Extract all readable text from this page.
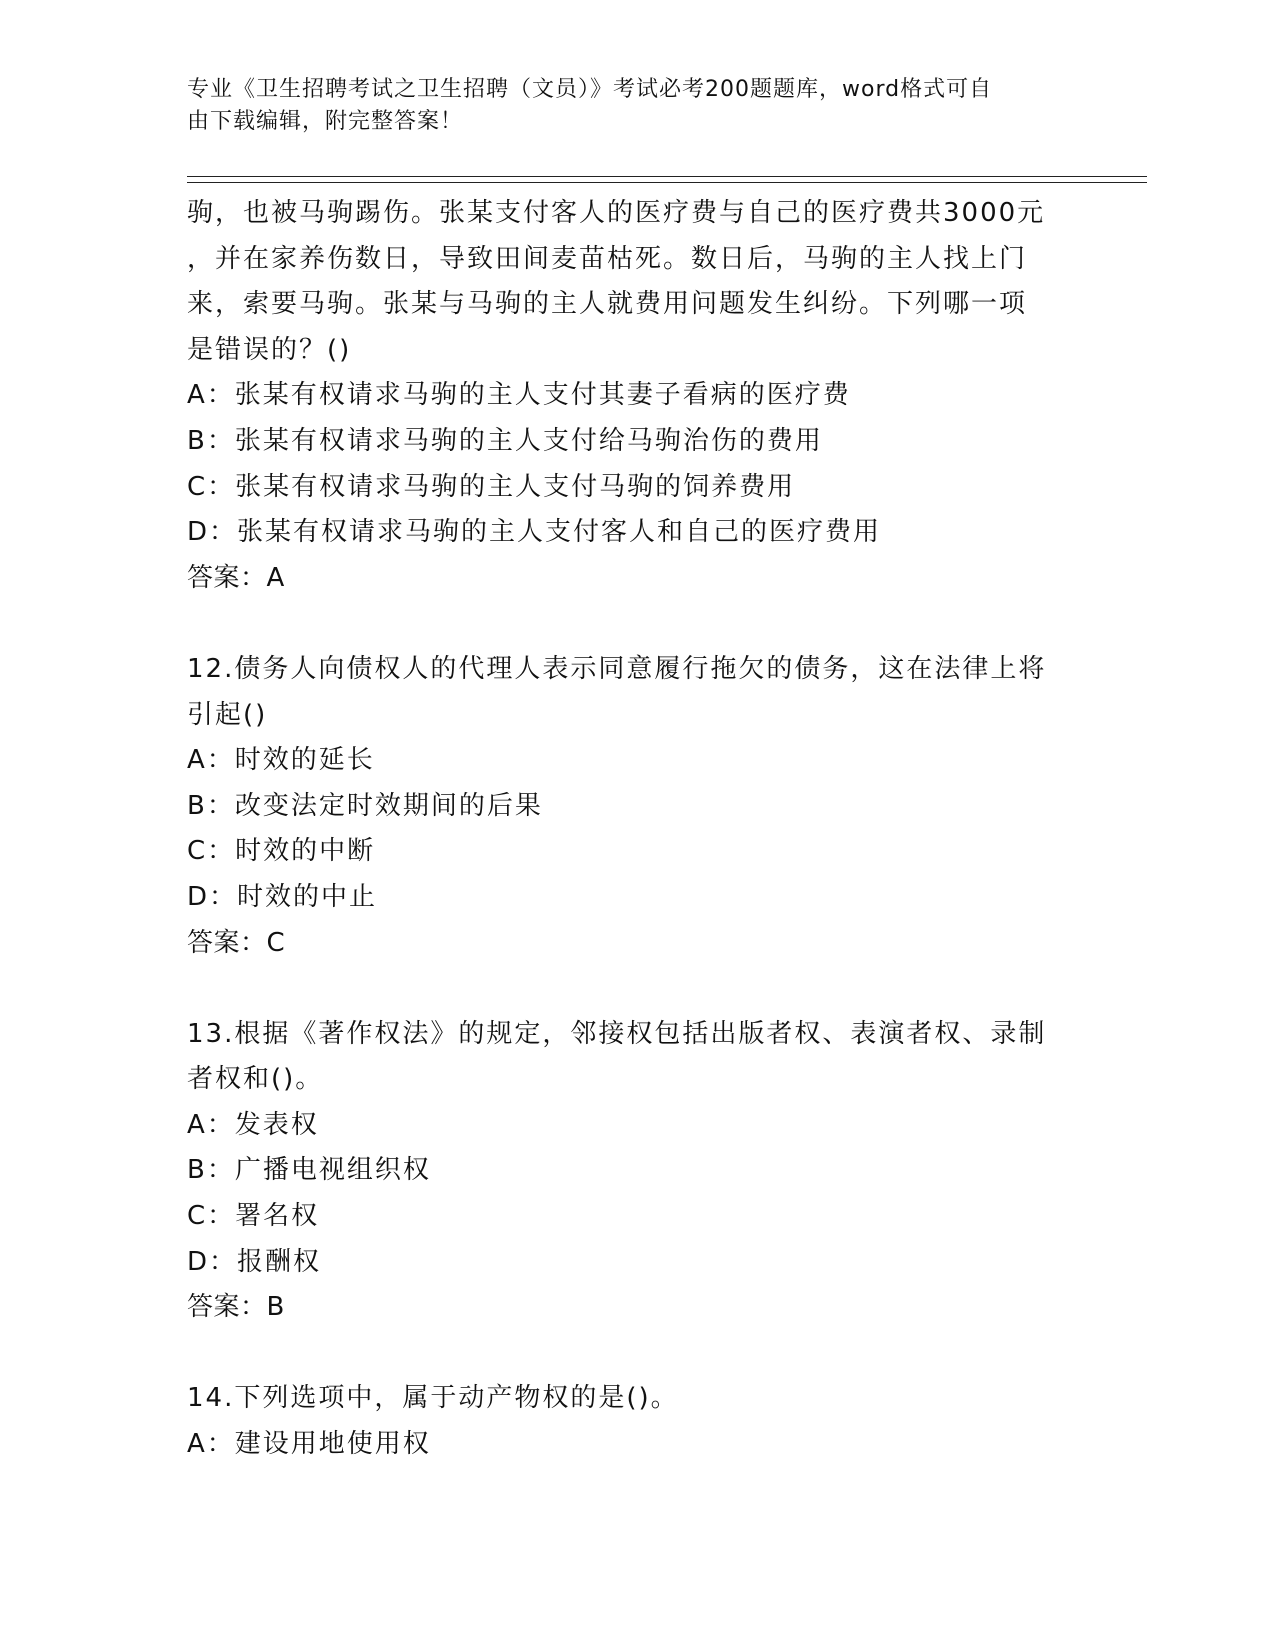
专业《卫生招聘考试之卫生招聘（文员）》考试必考200题题库，word格式可自
由下载编辑，附完整答案！
驹，也被马驹踢伤。张某支付客人的医疗费与自己的医疗费共3000元
，并在家养伤数日，导致田间麦苗枯死。数日后，马驹的主人找上门
来，索要马驹。张某与马驹的主人就费用问题发生纠纷。下列哪一项
是错误的？()
A：张某有权请求马驹的主人支付其妻子看病的医疗费
B：张某有权请求马驹的主人支付给马驹治伤的费用
C：张某有权请求马驹的主人支付马驹的饲养费用
D：张某有权请求马驹的主人支付客人和自己的医疗费用
答案：A
12.债务人向债权人的代理人表示同意履行拖欠的债务，这在法律上将
引起()
A：时效的延长
B：改变法定时效期间的后果
C：时效的中断
D：时效的中止
答案：C
13.根据《著作权法》的规定，邻接权包括出版者权、表演者权、录制
者权和()。
A：发表权
B：广播电视组织权
C：署名权
D：报酬权
答案：B
14.下列选项中，属于动产物权的是()。
A：建设用地使用权
